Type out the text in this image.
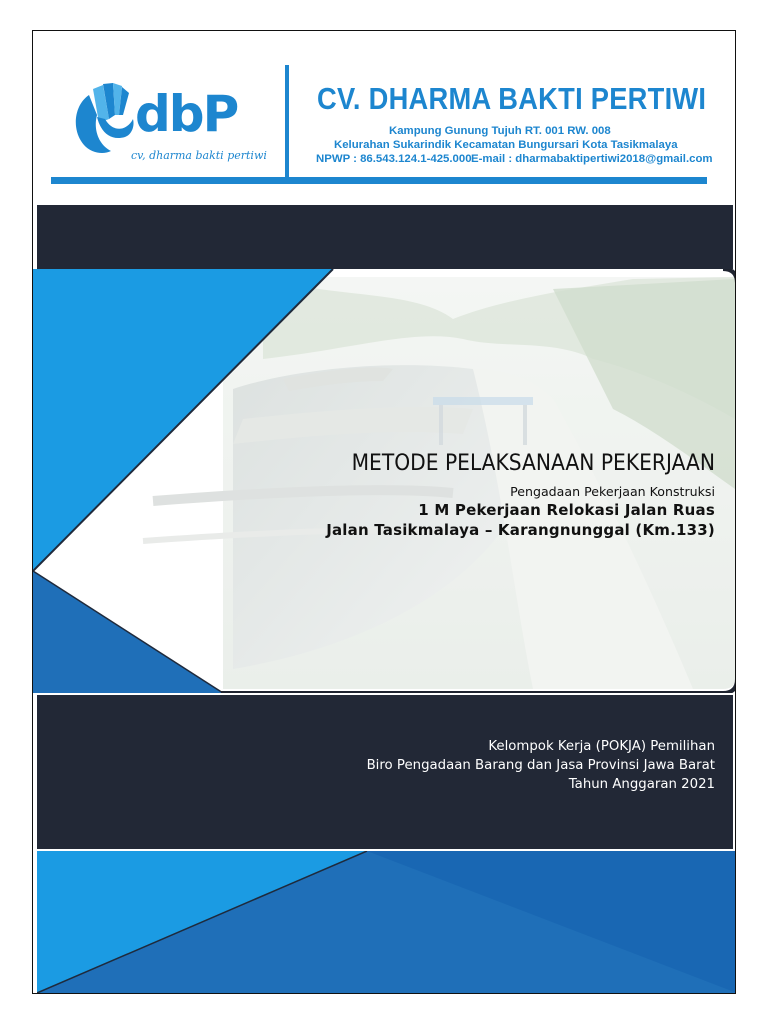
dbP
cv, dharma bakti pertiwi
CV. DHARMA BAKTI PERTIWI
Kampung Gunung Tujuh RT. 001 RW. 008
Kelurahan Sukarindik Kecamatan Bungursari Kota Tasikmalaya
NPWP : 86.543.124.1-425.000 E-mail : dharmabaktipertiwi2018@gmail.com
METODE PELAKSANAAN PEKERJAAN
Pengadaan Pekerjaan Konstruksi
1 M Pekerjaan Relokasi Jalan Ruas
Jalan Tasikmalaya – Karangnunggal (Km.133)
Kelompok Kerja (POKJA) Pemilihan
Biro Pengadaan Barang dan Jasa Provinsi Jawa Barat
Tahun Anggaran 2021
